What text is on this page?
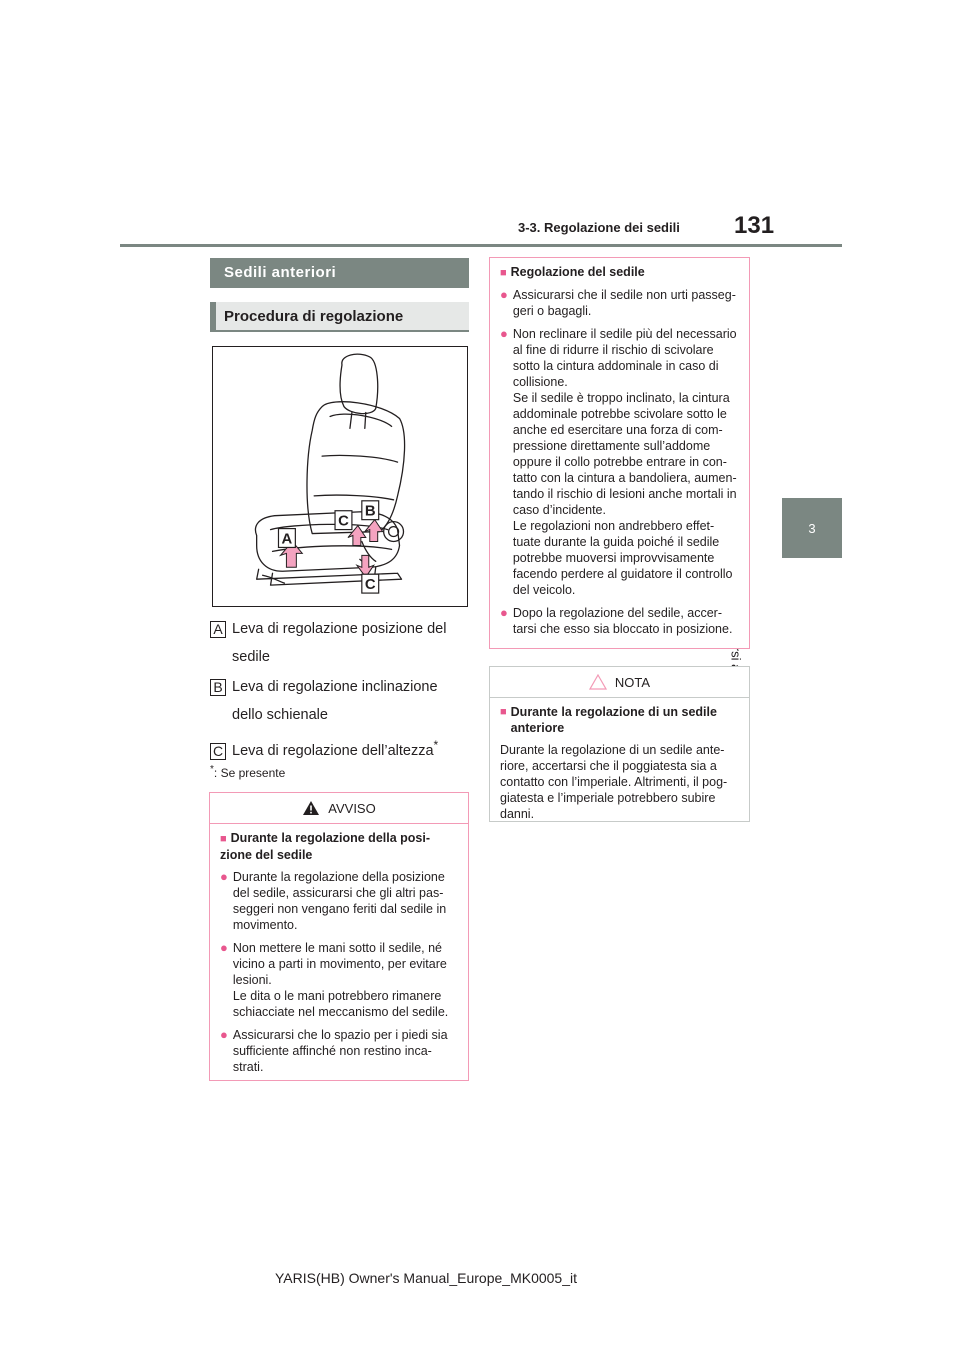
3-3. Regolazione dei sedili 131
3
Sedili anteriori
Procedura di regolazione
A
B
C
C
A Leva di regolazione posizione del
sedile
B Leva di regolazione inclinazione
dello schienale
C Leva di regolazione dell’altezza*
*: Se presente
AVVISO

■ Durante la regolazione della posi-zione del sedile

● Durante la regolazione della posizione del sedile, assicurarsi che gli altri pas-seggeri non vengano feriti dal sedile in movimento.
● Non mettere le mani sotto il sedile, né vicino a parti in movimento, per evitare lesioni.
Le dita o le mani potrebbero rimanere schiacciate nel meccanismo del sedile.
● Assicurarsi che lo spazio per i piedi sia sufficiente affinché non restino inca-strati.

■ Regolazione del sedile

● Assicurarsi che il sedile non urti passeg-geri o bagagli.
● Non reclinare il sedile più del necessario al fine di ridurre il rischio di scivolare sotto la cintura addominale in caso di collisione.
Se il sedile è troppo inclinato, la cintura addominale potrebbe scivolare sotto le anche ed esercitare una forza di com-pressione direttamente sull’addome oppure il collo potrebbe entrare in con-tatto con la cintura a bandoliera, aumen-tando il rischio di lesioni anche mortali in caso d’incidente.
Le regolazioni non andrebbero effet-tuate durante la guida poiché il sedile potrebbe muoversi improvvisamente facendo perdere al guidatore il controllo del veicolo.
● Dopo la regolazione del sedile, accer-tarsi che esso sia bloccato in posizione.
NOTA

■ Durante la regolazione di un sedile anteriore

Durante la regolazione di un sedile ante-riore, accertarsi che il poggiatesta sia a contatto con l’imperiale. Altrimenti, il pog-giatesta e l’imperiale potrebbero subire danni.

YARIS(HB) Owner's Manual_Europe_MK0005_it
